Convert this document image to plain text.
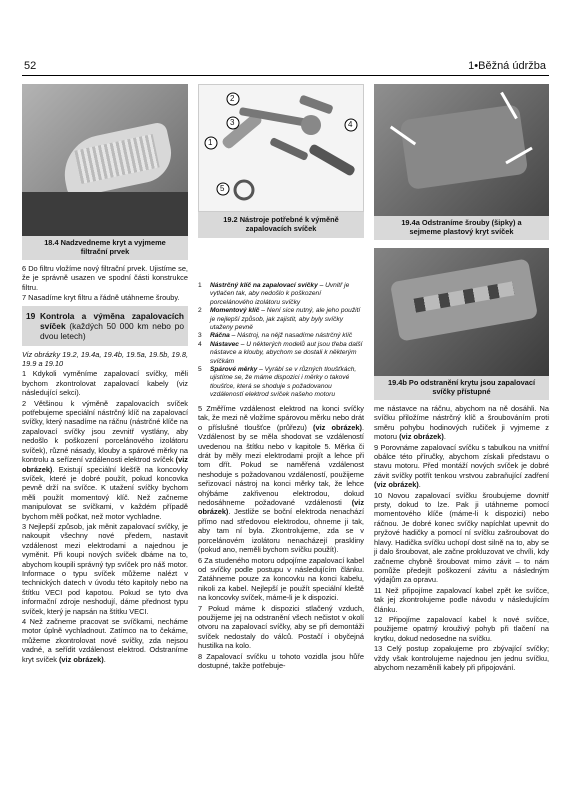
52	1•Běžná údržba
18.4 Nadzvedneme kryt a vyjmeme filtrační prvek
1
2
3	4
5
19.2 Nástroje potřebné k výměně zapalovacích svíček
19.4a Odstraníme šrouby (šipky) a sejmeme plastový kryt svíček
19.4b Po odstranění krytu jsou zapalovací svíčky přístupné
1	Nástrčný klíč na zapalovací svíčky – Uvnitř je vytlačen tak, aby nedošlo k poškození porcelánového izolátoru svíčky
2	Momentový klíč – Není sice nutný, ale jeho použití je nejlepší způsob, jak zajistit, aby byly svíčky utaženy pevně
3	Ráčna – Nástroj, na nějž nasadíme nástrčný klíč
4	Nástavec – U některých modelů aut jsou třeba další nástavce a klouby, abychom se dostali k některým svíčkám
5	Spárové měrky – Vyrábí se v různých tloušťkách, ujistíme se, že máme dispozici i měrky o takové tloušťce, která se shoduje s požadovanou vzdáleností elektrod svíček našeho motoru

6 Do filtru vložíme nový filtrační prvek. Ujistíme se, že je správně usazen ve spodní části konstrukce filtru.

7 Nasadíme kryt filtru a řádně utáhneme šrouby.

19 Kontrola a výměna zapalovacích svíček (každých 50 000 km nebo po dvou letech)

Viz obrázky 19.2, 19.4a, 19.4b, 19.5a, 19.5b, 19.8, 19.9 a 19.10

1 Kdykoli vyměníme zapalovací svíčky, měli bychom zkontrolovat zapalovací kabely (viz následující sekci).

2 Většinou k výměně zapalovacích svíček potřebujeme speciální nástrčný klíč na zapalovací svíčky, který nasadíme na ráčnu (nástrčné klíče na zapalovací svíčky jsou zevnitř vystlány, aby nedošlo k poškození porcelánového izolátoru svíček), různé násady, klouby a spárové měrky na kontrolu a seřízení vzdálenosti elektrod svíček (viz obrázek). Existují speciální klešťě na koncovky svíček, které je dobré použít, pokud koncovka pevně drží na svíčce. K utažení svíčky bychom měli použít momentový klíč. Než začneme manipulovat se svíčkami, v každém případě bychom měli počkat, než motor vychladne.

3 Nejlepší způsob, jak měnit zapalovací svíčky, je nakoupit všechny nové předem, nastavit vzdálenost mezi elektrodami a najednou je vyměnit. Při koupi nových svíček dbáme na to, abychom koupili správný typ svíček pro náš motor. Informace o typu svíček můžeme nalézt v technických datech v úvodu této kapitoly nebo na štítku VECI pod kapotou. Pokud se tyto dva informační zdroje neshodují, dáme přednost typu svíček, který je napsán na štítku VECI.

4 Než začneme pracovat se svíčkami, necháme motor úplně vychladnout. Zatímco na to čekáme, můžeme zkontrolovat nové svíčky, zda nejsou vadné, a seřídit vzdálenost elektrod. Odstraníme kryt svíček (viz obrázek).

5 Změříme vzdálenost elektrod na konci svíčky tak, že mezi ně vložíme spárovou měrku nebo drát o příslušné tloušťce (průřezu) (viz obrázek). Vzdálenost by se měla shodovat se vzdáleností uvedenou na štítku nebo v kapitole 5. Měrka či drát by měly mezi elektrodami projít a lehce při tom dřít. Pokud se naměřená vzdálenost neshoduje s požadovanou vzdáleností, použijeme seřizovací nástroj na konci měrky tak, že lehce ohýbáme zakřivenou elektrodou, dokud nedosáhneme požadované vzdálenosti (viz obrázek). Jestliže se boční elektroda nenachází přímo nad středovou elektrodou, ohneme ji tak, aby tam ní byla. Zkontrolujeme, zda se v porcelánovém izolátoru nenacházejí praskliny (pokud ano, neměli bychom svíčku použít).

6 Za studeného motoru odpojíme zapalovací kabel od svíčky podle postupu v následujícím článku. Zatáhneme pouze za koncovku na konci kabelu, nikoli za kabel. Nejlepší je použít speciální kleště na koncovky svíček, máme-li je k dispozici.

7 Pokud máme k dispozici stlačený vzduch, použijeme jej na odstranění všech nečistot v okolí otvoru na zapalovací svíčky, aby se při demontáži svíček nedostaly do válců. Postačí i obyčejná hustilka na kolo.

8 Zapalovací svíčku u tohoto vozidla jsou hůře dostupné, takže potřebuje-

me nástavce na ráčnu, abychom na ně dosáhli. Na svíčku přiložíme nástrčný klíč a šroubováním proti směru pohybu hodinových ručiček ji vyjmeme z motoru (viz obrázek).

9 Porovnáme zapalovací svíčku s tabulkou na vnitřní obálce této příručky, abychom získali představu o stavu motoru. Před montáží nových svíček je dobré závit svíčky potřít tenkou vrstvou zabraňující zadření (viz obrázek).

10 Novou zapalovací svíčku šroubujeme dovnitř prsty, dokud to lze. Pak ji utáhneme pomocí momentového klíče (máme-li k dispozici) nebo ráčnou. Je dobré konec svíčky napíchlat upevnit do pryžové hadičky a pomocí ní svíčku zašroubovat do hlavy. Hadička svíčku uchopí dost silně na to, aby se ji dalo šroubovat, ale začne prokluzovat ve chvíli, kdy začneme chybně šroubovat mimo závit – to nám pomůže předejít poškození závitu a následným výdajům za opravu.

11 Než připojíme zapalovací kabel zpět ke svíčce, tak jej zkontrolujeme podle návodu v následujícím článku.

12 Připojíme zapalovací kabel k nové svíčce, použijeme opatrný krouživý pohyb při tlačení na krytku, dokud nedosedne na svíčku.

13 Celý postup zopakujeme pro zbývající svíčky; vždy však kontrolujeme najednou jen jednu svíčku, abychom nezaměnili kabely při připojování.
